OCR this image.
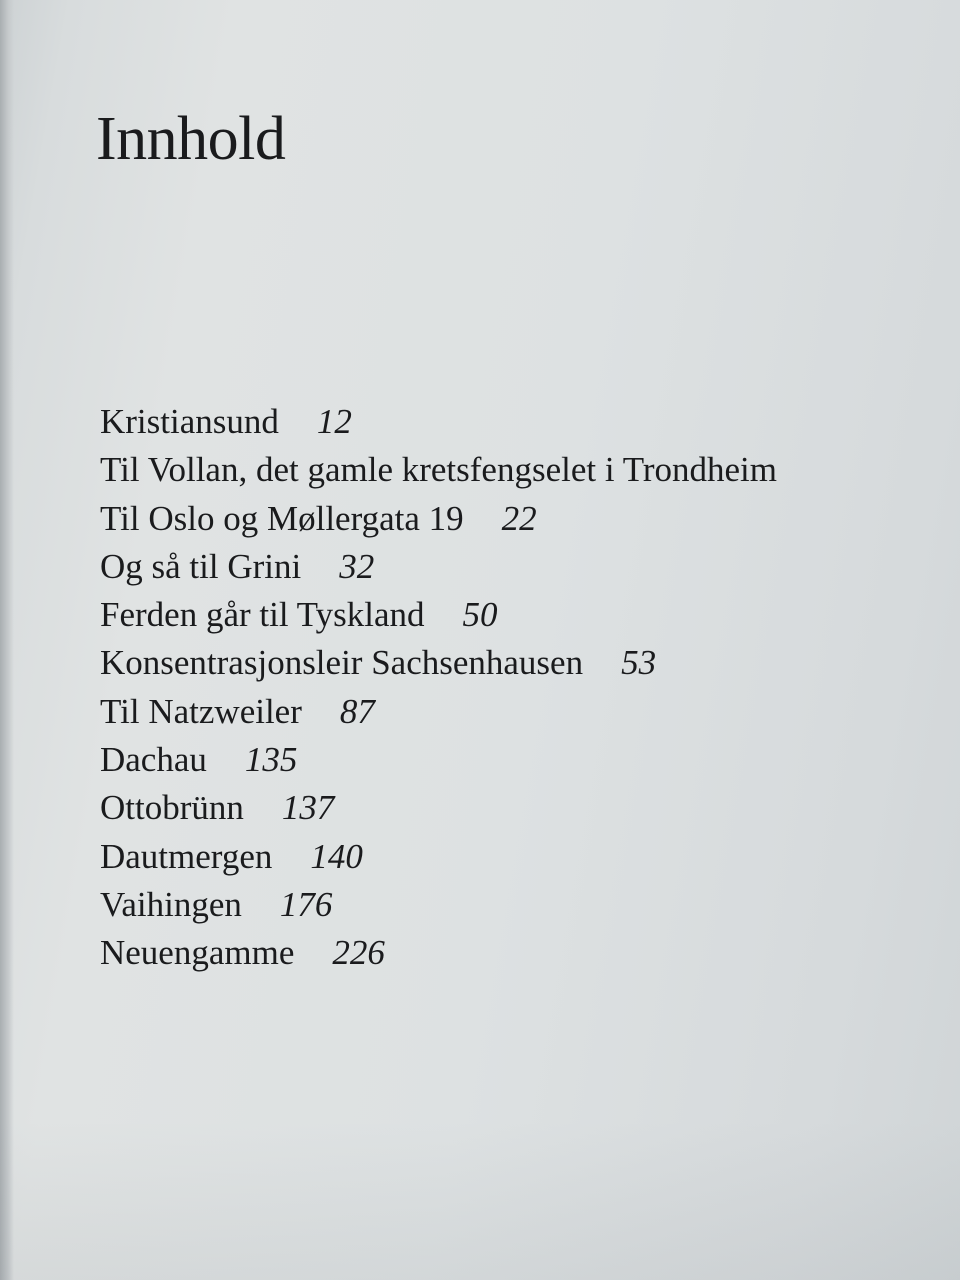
Innhold
Kristiansund 12
Til Vollan, det gamle kretsfengselet i Trondheim
Til Oslo og Møllergata 19 22
Og så til Grini 32
Ferden går til Tyskland 50
Konsentrasjonsleir Sachsenhausen 53
Til Natzweiler 87
Dachau 135
Ottobrünn 137
Dautmergen 140
Vaihingen 176
Neuengamme 226
